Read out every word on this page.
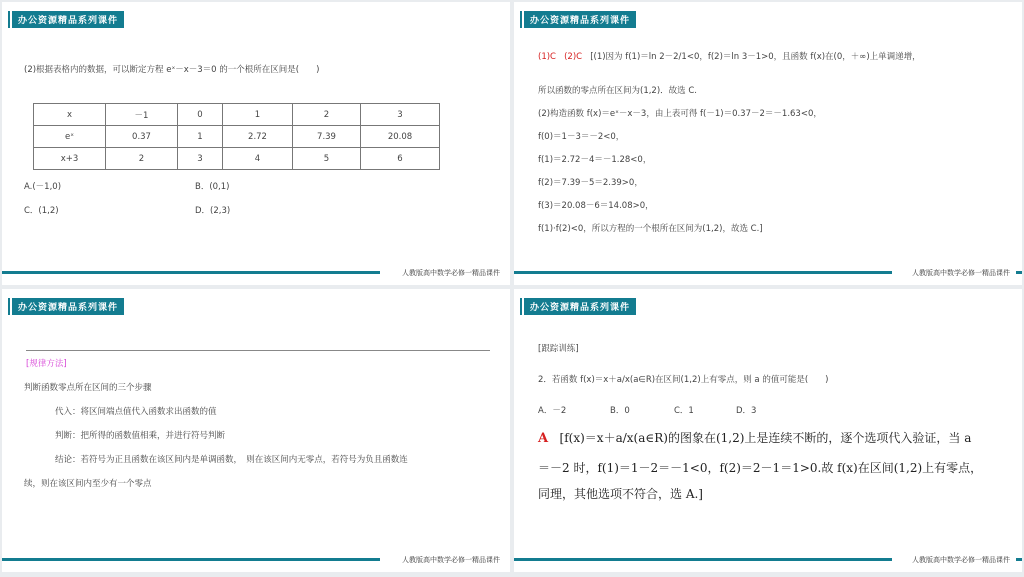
办公资源精品系列课件
(2)根据表格内的数据，可以断定方程 eˣ－x－3＝0 的一个根所在区间是(　　)
x	－1	0	1	2	3
eˣ	0.37	1	2.72	7.39	20.08
x+3	2	3	4	5	6
A.(－1,0)	B．(0,1)
C．(1,2)	D．(2,3)
人教版高中数学必修一精品课件
办公资源精品系列课件
(1)C (2)C [(1)因为 f(1)＝ln 2－2/1<0，f(2)＝ln 3－1>0，且函数 f(x)在(0，＋∞)上单调递增，
所以函数的零点所在区间为(1,2)．故选 C.
(2)构造函数 f(x)＝eˣ－x－3，由上表可得 f(－1)＝0.37－2＝－1.63<0，
f(0)＝1－3＝－2<0，
f(1)＝2.72－4＝－1.28<0，
f(2)＝7.39－5＝2.39>0，
f(3)＝20.08－6＝14.08>0，
f(1)·f(2)<0，所以方程的一个根所在区间为(1,2)，故选 C.]
人教版高中数学必修一精品课件
办公资源精品系列课件
[规律方法]
判断函数零点所在区间的三个步骤
代入：将区间端点值代入函数求出函数的值
判断：把所得的函数值相乘，并进行符号判断
结论：若符号为正且函数在该区间内是单调函数，　则在该区间内无零点，若符号为负且函数连
续，则在该区间内至少有一个零点
人教版高中数学必修一精品课件
办公资源精品系列课件
[跟踪训练]
2．若函数 f(x)＝x＋a/x(a∈R)在区间(1,2)上有零点，则 a 的值可能是(　　)
A．－2	B．0	C．1	D．3
A [f(x)＝x＋a/x(a∈R)的图象在(1,2)上是连续不断的，逐个选项代入验证，当 a
＝－2 时，f(1)＝1－2＝－1<0，f(2)＝2－1＝1>0.故 f(x)在区间(1,2)上有零点，
同理，其他选项不符合，选 A.]
人教版高中数学必修一精品课件
